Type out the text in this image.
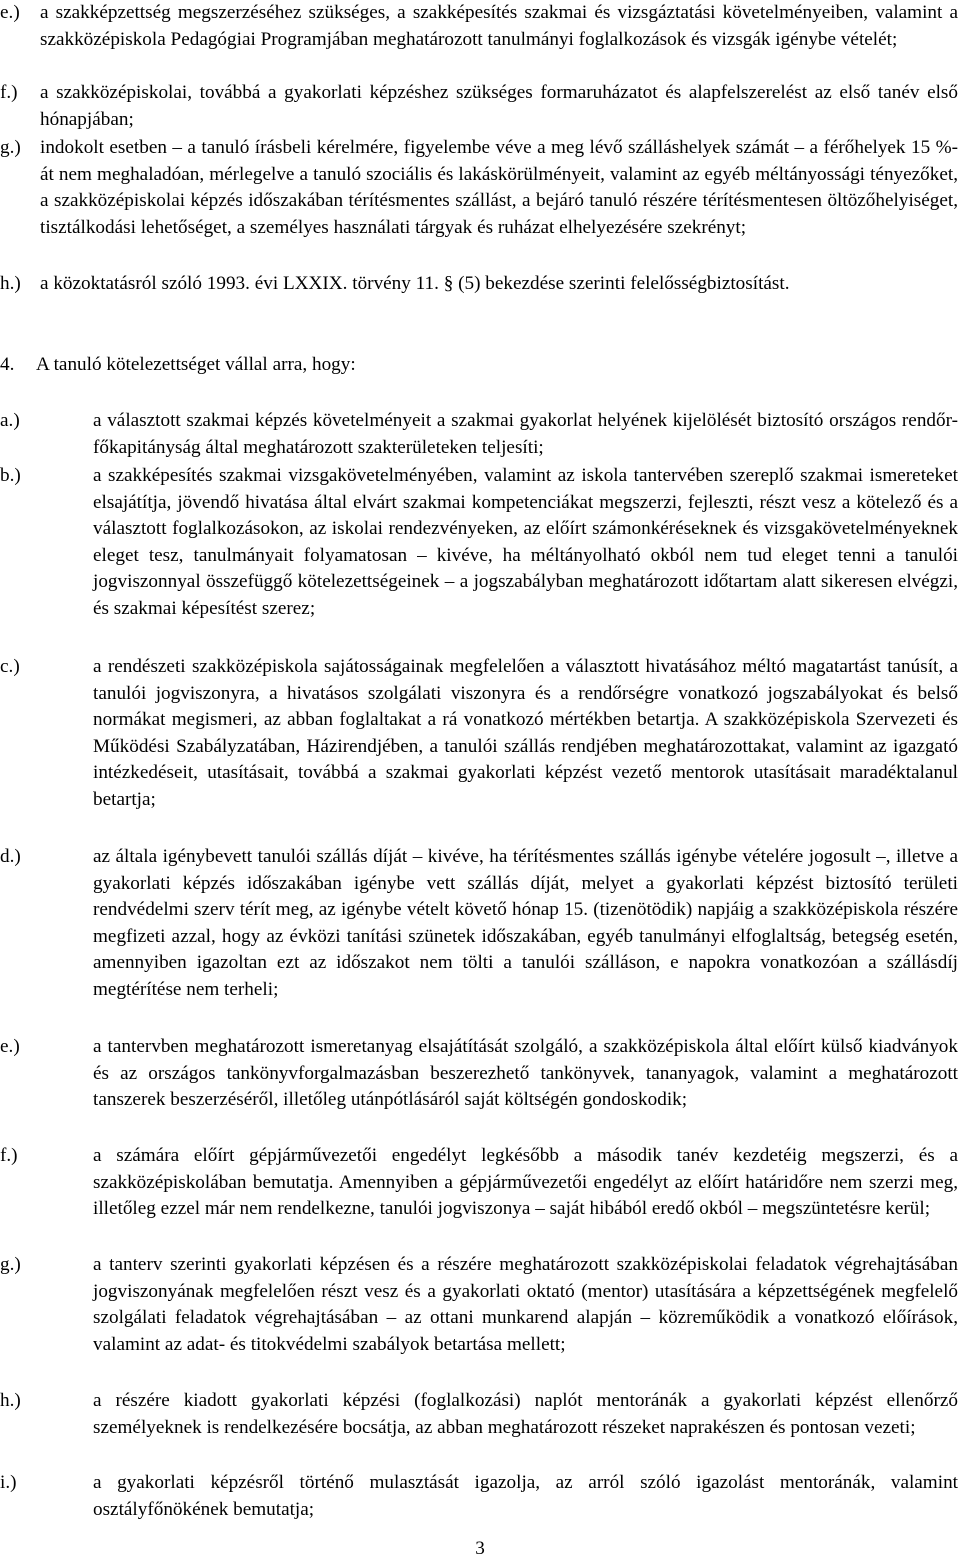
e.) a szakképzettség megszerzéséhez szükséges, a szakképesítés szakmai és vizsgáztatási követelményeiben, valamint a szakközépiskola Pedagógiai Programjában meghatározott tanulmányi foglalkozások és vizsgák igénybe vételét;
f.) a szakközépiskolai, továbbá a gyakorlati képzéshez szükséges formaruházatot és alapfelszerelést az első tanév első hónapjában;
g.) indokolt esetben – a tanuló írásbeli kérelmére, figyelembe véve a meg lévő szálláshelyek számát – a férőhelyek 15 %-át nem meghaladóan, mérlegelve a tanuló szociális és lakáskörülményeit, valamint az egyéb méltányossági tényezőket, a szakközépiskolai képzés időszakában térítésmentes szállást, a bejáró tanuló részére térítésmentesen öltözőhelyiséget, tisztálkodási lehetőséget, a személyes használati tárgyak és ruházat elhelyezésére szekrényt;
h.) a közoktatásról szóló 1993. évi LXXIX. törvény 11. § (5) bekezdése szerinti felelősségbiztosítást.
4. A tanuló kötelezettséget vállal arra, hogy:
a.)	a választott szakmai képzés követelményeit a szakmai gyakorlat helyének kijelölését biztosító országos rendőr-főkapitányság által meghatározott szakterületeken teljesíti;
b.)	a szakképesítés szakmai vizsgakövetelményében, valamint az iskola tantervében szereplő szakmai ismereteket elsajátítja, jövendő hivatása által elvárt szakmai kompetenciákat megszerzi, fejleszti, részt vesz a kötelező és a választott foglalkozásokon, az iskolai rendezvényeken, az előírt számonkéréseknek és vizsgakövetelményeknek eleget tesz, tanulmányait folyamatosan – kivéve, ha méltányolható okból nem tud eleget tenni a tanulói jogviszonnyal összefüggő kötelezettségeinek – a jogszabályban meghatározott időtartam alatt sikeresen elvégzi, és szakmai képesítést szerez;
c.)	a rendészeti szakközépiskola sajátosságainak megfelelően a választott hivatásához méltó magatartást tanúsít, a tanulói jogviszonyra, a hivatásos szolgálati viszonyra és a rendőrségre vonatkozó jogszabályokat és belső normákat megismeri, az abban foglaltakat a rá vonatkozó mértékben betartja. A szakközépiskola Szervezeti és Működési Szabályzatában, Házirendjében, a tanulói szállás rendjében meghatározottakat, valamint az igazgató intézkedéseit, utasításait, továbbá a szakmai gyakorlati képzést vezető mentorok utasításait maradéktalanul betartja;
d.)	az általa igénybevett tanulói szállás díját – kivéve, ha térítésmentes szállás igénybe vételére jogosult –, illetve a gyakorlati képzés időszakában igénybe vett szállás díját, melyet a gyakorlati képzést biztosító területi rendvédelmi szerv térít meg, az igénybe vételt követő hónap 15. (tizenötödik) napjáig a szakközépiskola részére megfizeti azzal, hogy az évközi tanítási szünetek időszakában, egyéb tanulmányi elfoglaltság, betegség esetén, amennyiben igazoltan ezt az időszakot nem tölti a tanulói szálláson, e napokra vonatkozóan a szállásdíj megtérítése nem terheli;
e.)	a tantervben meghatározott ismeretanyag elsajátítását szolgáló, a szakközépiskola által előírt külső kiadványok és az országos tankönyvforgalmazásban beszerezhető tankönyvek, tananyagok, valamint a meghatározott tanszerek beszerzéséről, illetőleg utánpótlásáról saját költségén gondoskodik;
f.)	a számára előírt gépjárművezetői engedélyt legkésőbb a második tanév kezdetéig megszerzi, és a szakközépiskolában bemutatja. Amennyiben a gépjárművezetői engedélyt az előírt határidőre nem szerzi meg, illetőleg ezzel már nem rendelkezne, tanulói jogviszonya – saját hibából eredő okból – megszüntetésre kerül;
g.)	a tanterv szerinti gyakorlati képzésen és a részére meghatározott szakközépiskolai feladatok végrehajtásában jogviszonyának megfelelően részt vesz és a gyakorlati oktató (mentor) utasítására a képzettségének megfelelő szolgálati feladatok végrehajtásában – az ottani munkarend alapján – közreműködik a vonatkozó előírások, valamint az adat- és titokvédelmi szabályok betartása mellett;
h.)	a részére kiadott gyakorlati képzési (foglalkozási) naplót mentoránák a gyakorlati képzést ellenőrző személyeknek is rendelkezésére bocsátja, az abban meghatározott részeket naprakészen és pontosan vezeti;
i.)	a gyakorlati képzésről történő mulasztását igazolja, az arról szóló igazolást mentoránák, valamint osztályfőnökének bemutatja;
3
